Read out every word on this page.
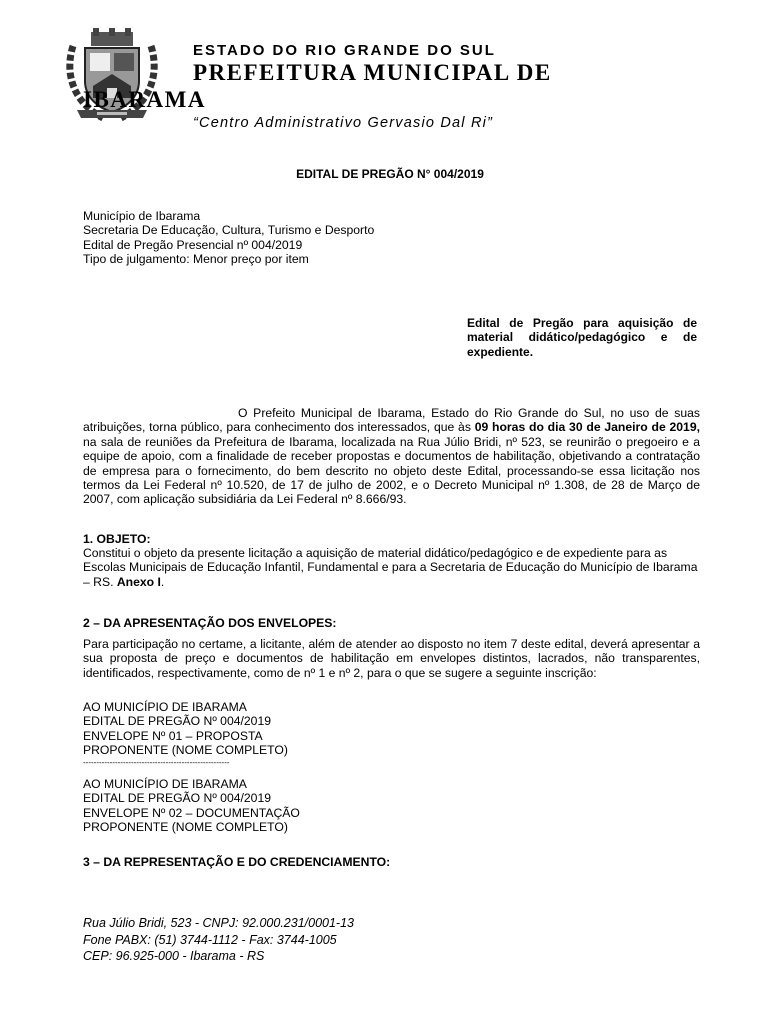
ESTADO DO RIO GRANDE DO SUL
PREFEITURA MUNICIPAL DE
IBARAMA
“Centro Administrativo Gervasio Dal Ri”
EDITAL DE PREGÃO N° 004/2019
Município de Ibarama
Secretaria De Educação, Cultura, Turismo e Desporto
Edital de Pregão Presencial nº 004/2019
Tipo de julgamento: Menor preço por item
Edital de Pregão para aquisição de material didático/pedagógico e de expediente.
O Prefeito Municipal de Ibarama, Estado do Rio Grande do Sul, no uso de suas atribuições, torna público, para conhecimento dos interessados, que às 09 horas do dia 30 de Janeiro de 2019, na sala de reuniões da Prefeitura de Ibarama, localizada na Rua Júlio Bridi, nº 523, se reunirão o pregoeiro e a equipe de apoio, com a finalidade de receber propostas e documentos de habilitação, objetivando a contratação de empresa para o fornecimento, do bem descrito no objeto deste Edital, processando-se essa licitação nos termos da Lei Federal nº 10.520, de 17 de julho de 2002, e o Decreto Municipal nº 1.308, de 28 de Março de 2007, com aplicação subsidiária da Lei Federal nº 8.666/93.
1. OBJETO:
Constitui o objeto da presente licitação a aquisição de material didático/pedagógico e de expediente para as Escolas Municipais de Educação Infantil, Fundamental e para a Secretaria de Educação do Município de Ibarama – RS. Anexo I.
2 – DA APRESENTAÇÃO DOS ENVELOPES:
Para participação no certame, a licitante, além de atender ao disposto no item 7 deste edital, deverá apresentar a sua proposta de preço e documentos de habilitação em envelopes distintos, lacrados, não transparentes, identificados, respectivamente, como de nº 1 e nº 2, para o que se sugere a seguinte inscrição:
AO MUNICÍPIO DE IBARAMA
EDITAL DE PREGÃO Nº 004/2019
ENVELOPE Nº 01 – PROPOSTA
PROPONENTE (NOME COMPLETO)
-------------------------------------------------------
AO MUNICÍPIO DE IBARAMA
EDITAL DE PREGÃO Nº 004/2019
ENVELOPE Nº 02 – DOCUMENTAÇÃO
PROPONENTE (NOME COMPLETO)
3 – DA REPRESENTAÇÃO E DO CREDENCIAMENTO:
Rua Júlio Bridi, 523 - CNPJ: 92.000.231/0001-13
Fone PABX: (51) 3744-1112 - Fax: 3744-1005
CEP: 96.925-000 - Ibarama - RS
